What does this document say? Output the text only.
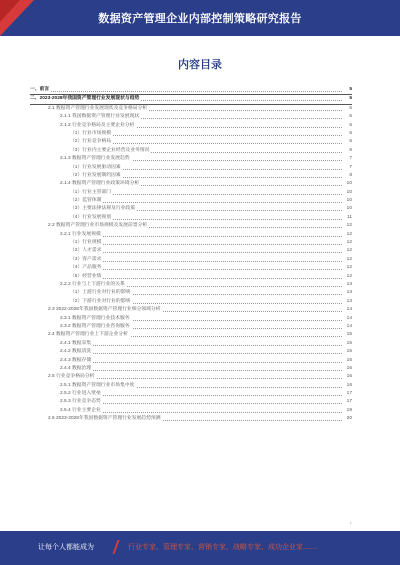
数据资产管理企业内部控制策略研究报告
内容目录
一、前言	5
二、2023-2028年我国资产管理行业发展现状与趋势	5
2.1 数据资产管理行业发展现状及竞争格局分析	5
2.1.1 我国数据资产管理行业发展现状	5
2.1.2 行业竞争格局及主要企业分析	6
（1）行业市场规模	6
（2）行业竞争格局	6
（3）行业内主要企业经营及业务情况	6
2.1.3 数据资产管理行业发展趋势	7
（1）行业发展驱动因素	7
（2）行业发展制约因素	8
2.1.4 数据资产管理行业政策环境分析	10
（1）行业主管部门	10
（2）监管体制	10
（3）主要法律法规及行业政策	10
（4）行业发展规划	11
2.2 数据资产管理行业市场规模及发展前景分析	12
2.2.1 行业发展规模	12
（1）行业规模	12
（2）人才需求	12
（3）客户需求	12
（4）产品服务	12
（5）经营业绩	12
2.2.2 行业与上下游行业的关系	13
（1）上游行业对行业的影响	13
（2）下游行业对行业的影响	13
2.3 2022-2028年我国数据资产管理行业细分领域分析	14
2.3.1 数据资产管理行业技术服务	14
2.3.2 数据资产管理行业咨询服务	14
2.4 数据资产管理行业上下游企业分析	15
2.4.1 数据采集	15
2.4.2 数据清洗	15
2.4.3 数据存储	16
2.4.4 数据治理	16
2.5 行业竞争格局分析	16
2.5.1 数据资产管理行业市场集中度	16
2.5.2 行业进入壁垒	17
2.5.3 行业竞争态势	17
2.5.4 行业主要企业	19
2.6 2023-2028年我国数据资产管理行业发展趋势预测	20
1
让每个人都能成为	行业专家、管理专家、营销专家、战略专家、成功企业家……
